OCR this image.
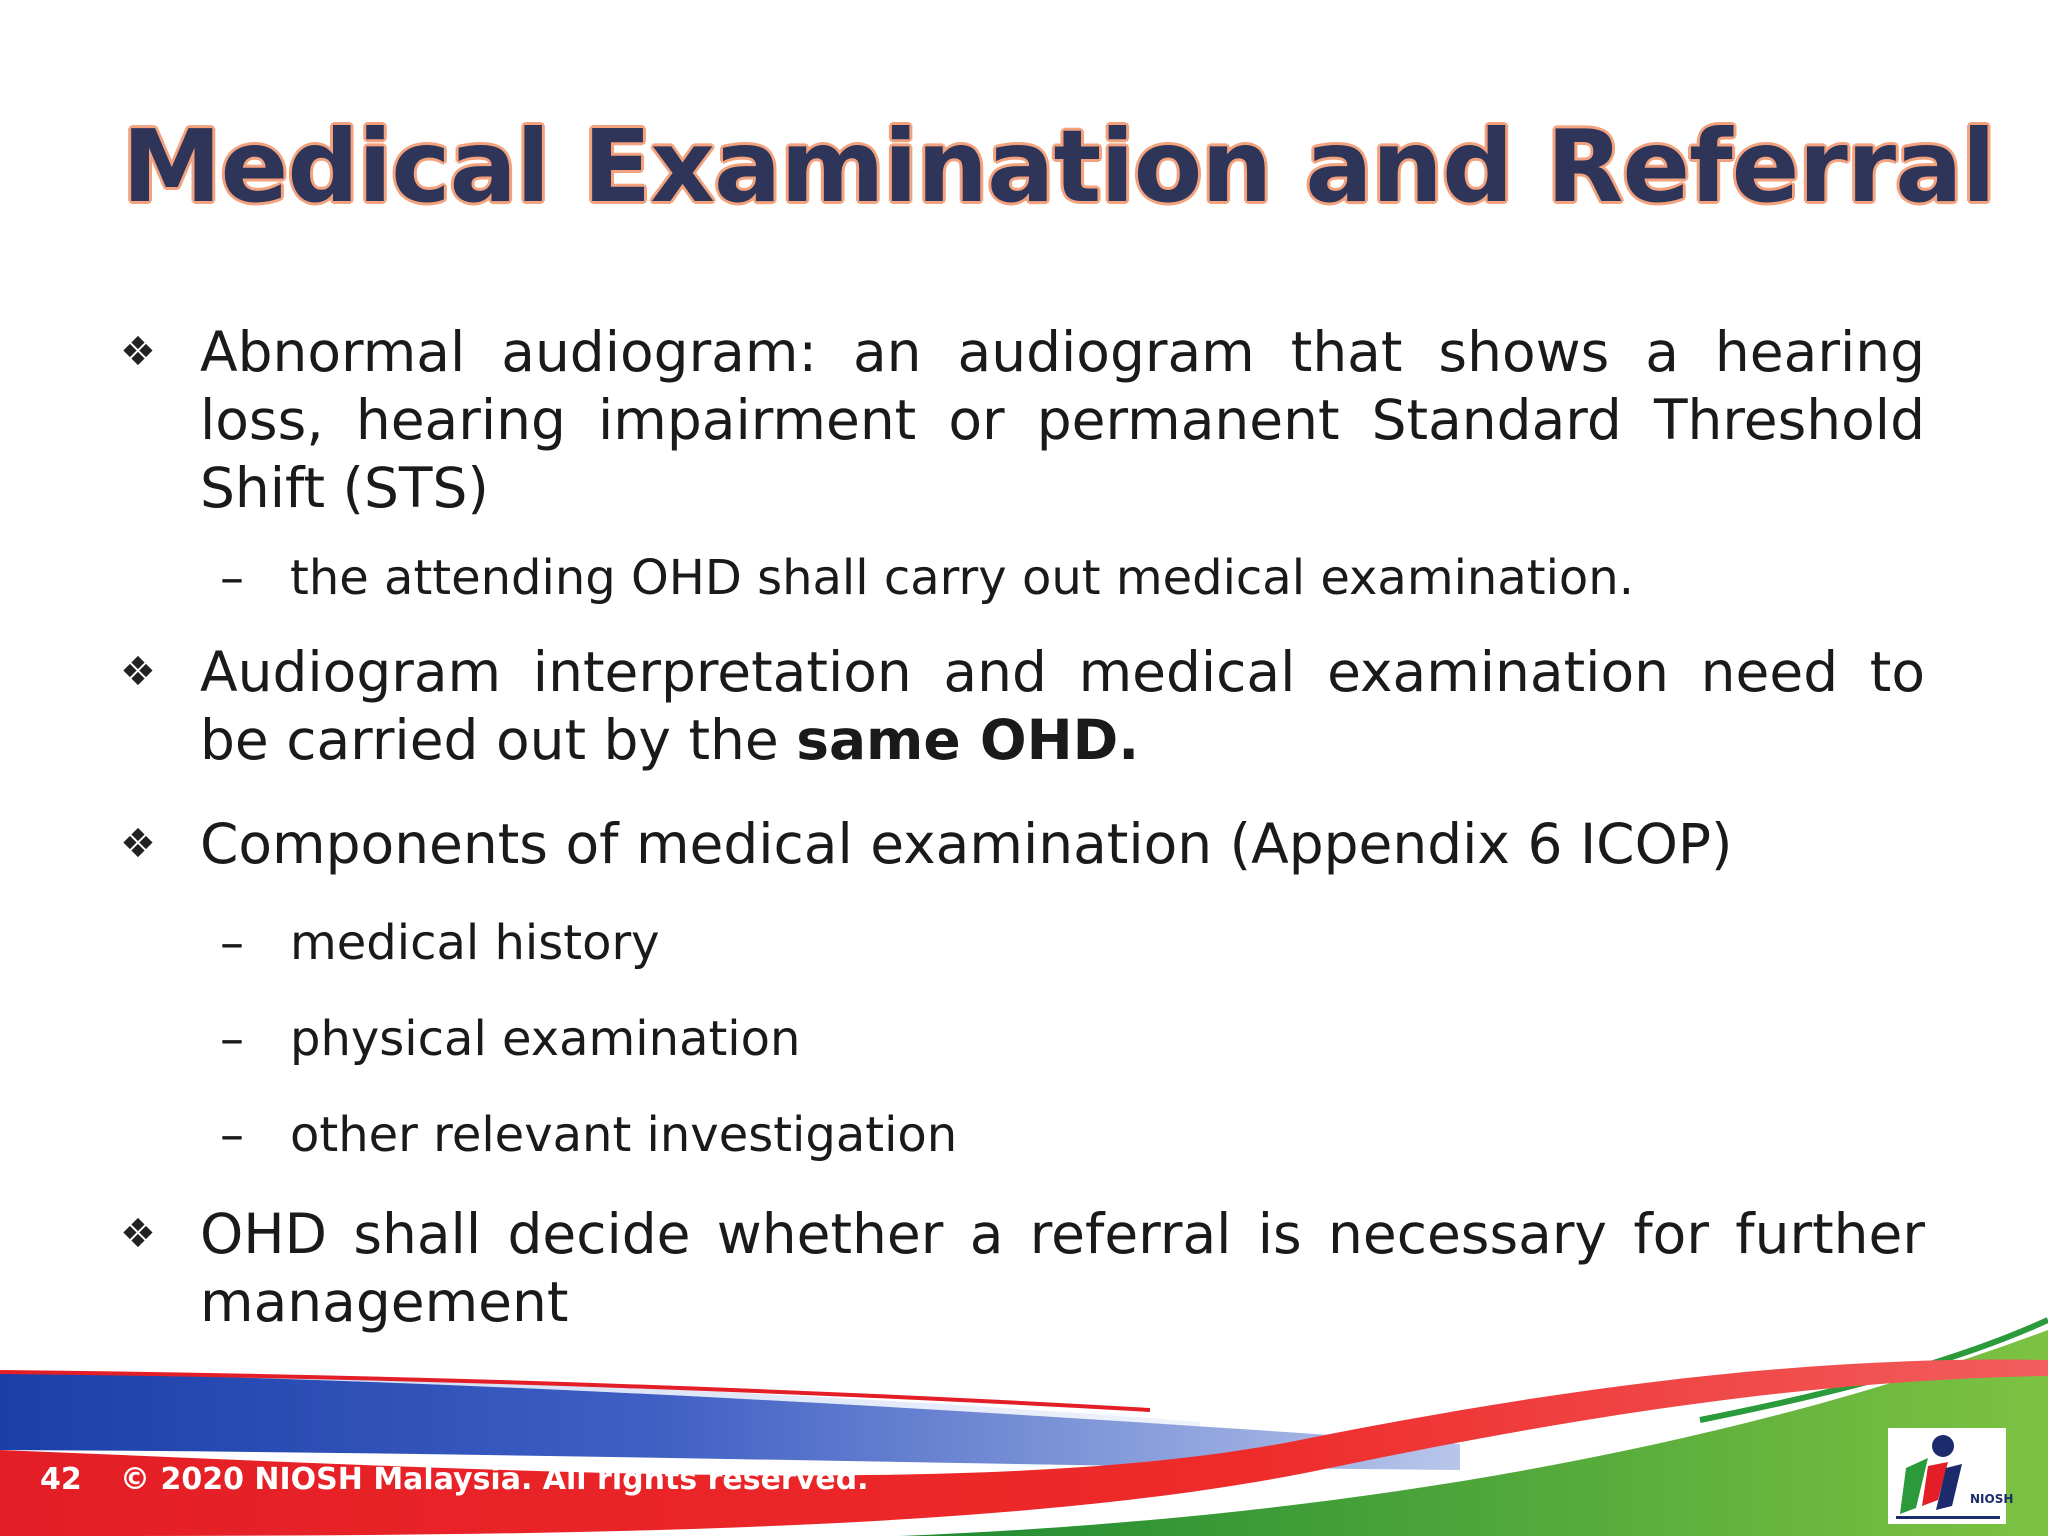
Medical Examination and Referral

❖ Abnormal audiogram: an audiogram that shows a hearing loss, hearing impairment or permanent Standard Threshold Shift (STS)

– the attending OHD shall carry out medical examination.

❖ Audiogram interpretation and medical examination need to be carried out by the same OHD.

❖ Components of medical examination (Appendix 6 ICOP)

– medical history

– physical examination

– other relevant investigation

❖ OHD shall decide whether a referral is necessary for further management

42 © 2020 NIOSH Malaysia. All rights reserved.
NIOSH
